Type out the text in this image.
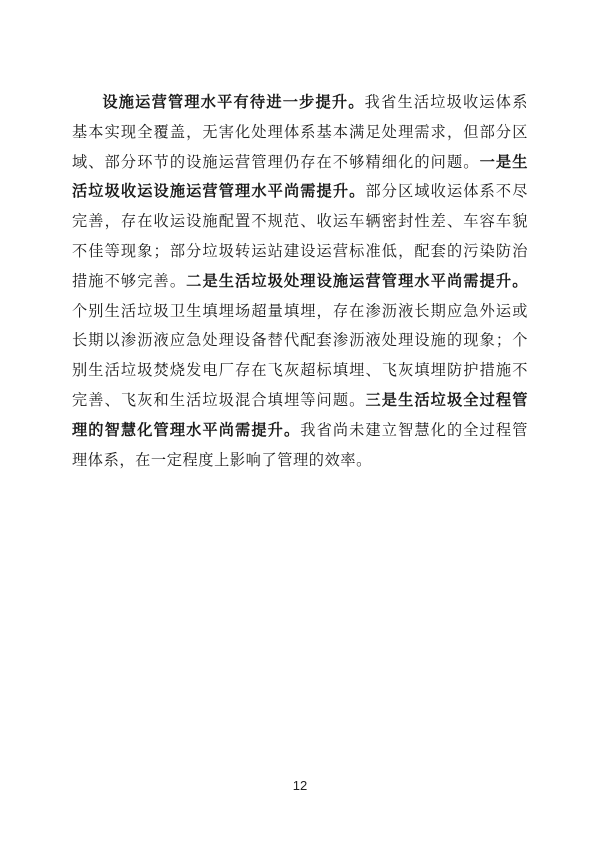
设施运营管理水平有待进一步提升。我省生活垃圾收运体系基本实现全覆盖，无害化处理体系基本满足处理需求，但部分区域、部分环节的设施运营管理仍存在不够精细化的问题。一是生活垃圾收运设施运营管理水平尚需提升。部分区域收运体系不尽完善，存在收运设施配置不规范、收运车辆密封性差、车容车貌不佳等现象；部分垃圾转运站建设运营标准低，配套的污染防治措施不够完善。二是生活垃圾处理设施运营管理水平尚需提升。个别生活垃圾卫生填埋场超量填埋，存在渗沥液长期应急外运或长期以渗沥液应急处理设备替代配套渗沥液处理设施的现象；个别生活垃圾焚烧发电厂存在飞灰超标填埋、飞灰填埋防护措施不完善、飞灰和生活垃圾混合填埋等问题。三是生活垃圾全过程管理的智慧化管理水平尚需提升。我省尚未建立智慧化的全过程管理体系，在一定程度上影响了管理的效率。

12
